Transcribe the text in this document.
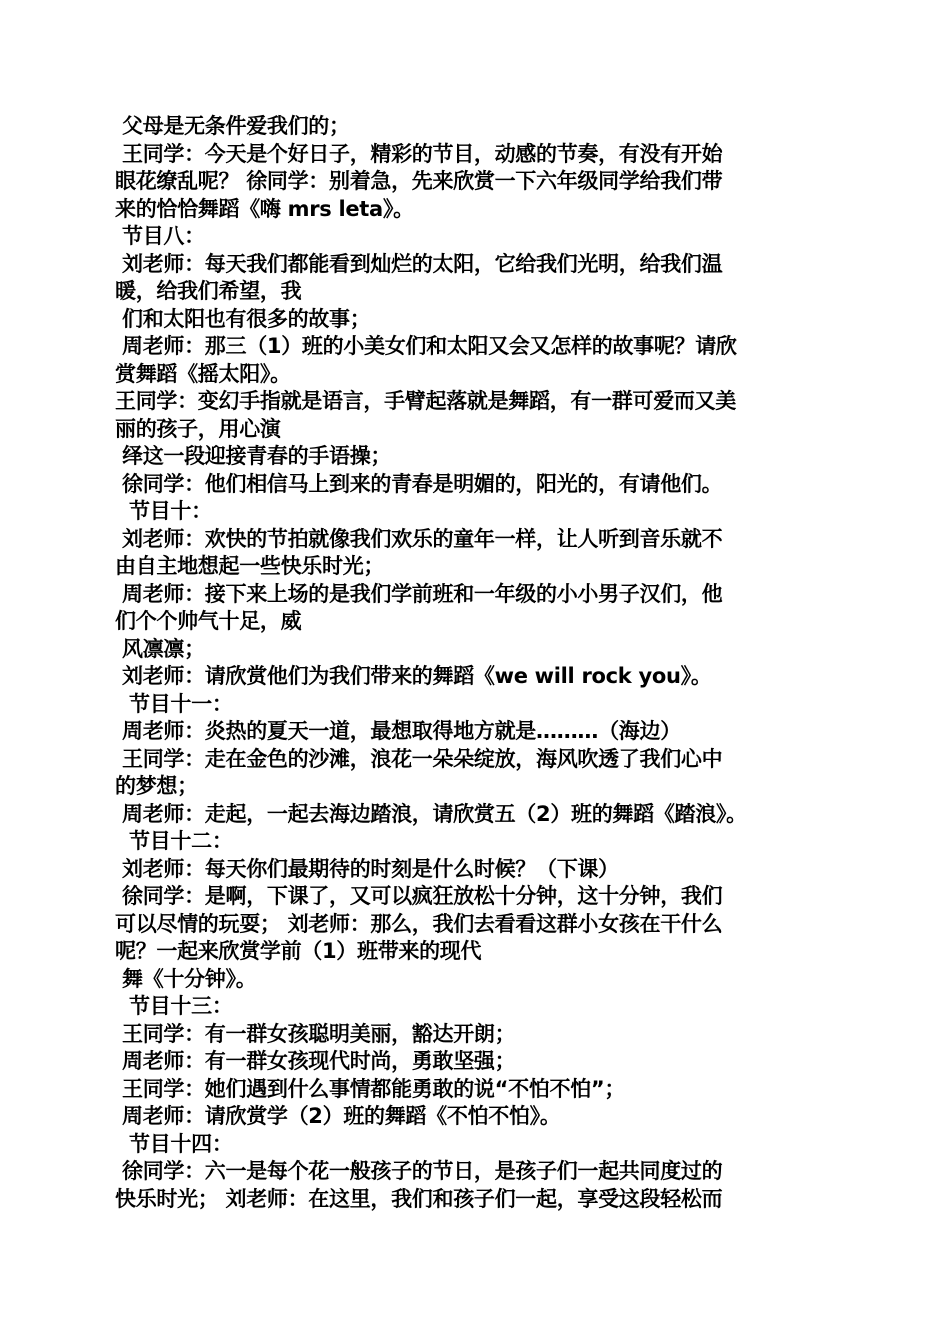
父母是无条件爱我们的；
王同学：今天是个好日子，精彩的节目，动感的节奏，有没有开始
眼花缭乱呢？ 徐同学：别着急，先来欣赏一下六年级同学给我们带
来的恰恰舞蹈《嗨 mrs leta》。
节目八：
刘老师：每天我们都能看到灿烂的太阳，它给我们光明，给我们温
暖，给我们希望，我
们和太阳也有很多的故事；
周老师：那三（1）班的小美女们和太阳又会又怎样的故事呢？请欣
赏舞蹈《摇太阳》。
王同学：变幻手指就是语言，手臂起落就是舞蹈，有一群可爱而又美
丽的孩子，用心演
绎这一段迎接青春的手语操；
徐同学：他们相信马上到来的青春是明媚的，阳光的，有请他们。
节目十：
刘老师：欢快的节拍就像我们欢乐的童年一样，让人听到音乐就不
由自主地想起一些快乐时光；
周老师：接下来上场的是我们学前班和一年级的小小男子汉们，他
们个个帅气十足，威
风凛凛；
刘老师：请欣赏他们为我们带来的舞蹈《we will rock you》。
节目十一：
周老师：炎热的夏天一道，最想取得地方就是………（海边）
王同学：走在金色的沙滩，浪花一朵朵绽放，海风吹透了我们心中
的梦想；
周老师：走起，一起去海边踏浪，请欣赏五（2）班的舞蹈《踏浪》。
节目十二：
刘老师：每天你们最期待的时刻是什么时候？（下课）
徐同学：是啊，下课了，又可以疯狂放松十分钟，这十分钟，我们
可以尽情的玩耍； 刘老师：那么，我们去看看这群小女孩在干什么
呢？一起来欣赏学前（1）班带来的现代
舞《十分钟》。
节目十三：
王同学：有一群女孩聪明美丽，豁达开朗；
周老师：有一群女孩现代时尚，勇敢坚强；
王同学：她们遇到什么事情都能勇敢的说“不怕不怕”；
周老师：请欣赏学（2）班的舞蹈《不怕不怕》。
节目十四：
徐同学：六一是每个花一般孩子的节日，是孩子们一起共同度过的
快乐时光； 刘老师：在这里，我们和孩子们一起，享受这段轻松而
